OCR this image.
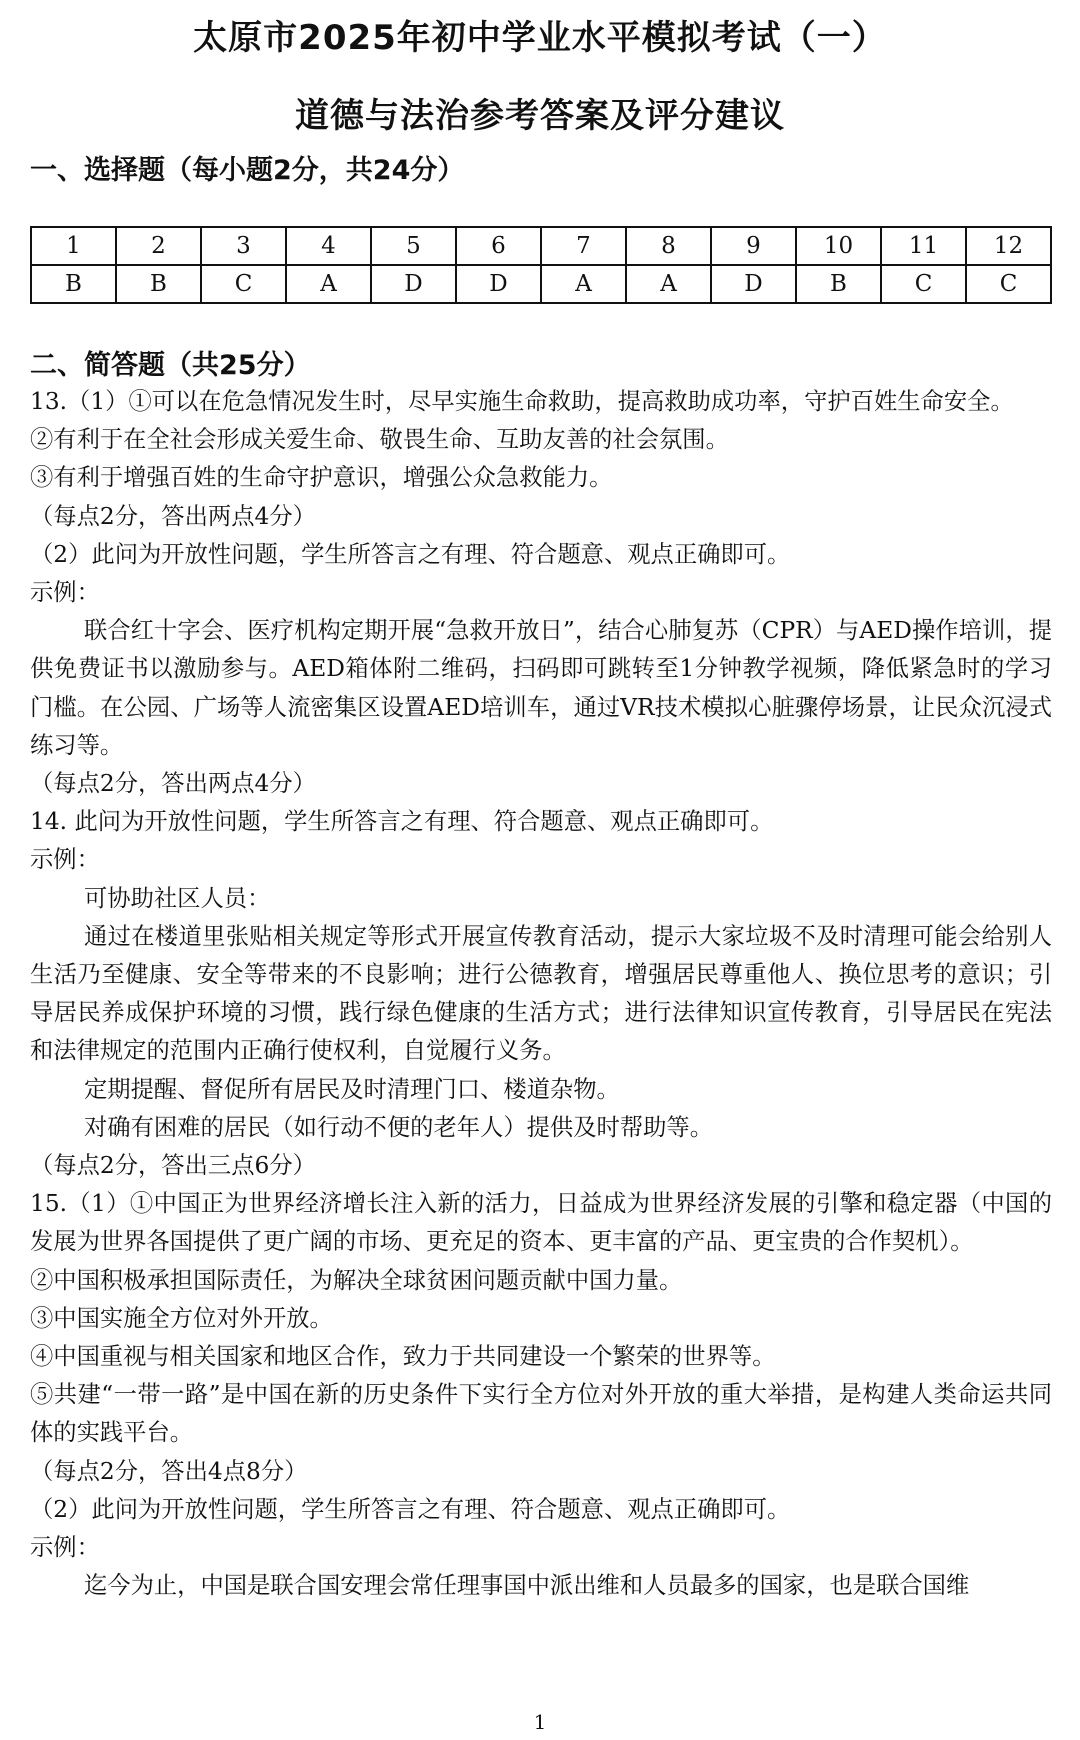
太原市2025年初中学业水平模拟考试（一）
道德与法治参考答案及评分建议
一、选择题（每小题2分，共24分）
1	2	3	4	5	6	7	8	9	10	11	12
B	B	C	A	D	D	A	A	D	B	C	C
二、简答题（共25分）

13.（1）①可以在危急情况发生时，尽早实施生命救助，提高救助成功率，守护百姓生命安全。

②有利于在全社会形成关爱生命、敬畏生命、互助友善的社会氛围。

③有利于增强百姓的生命守护意识，增强公众急救能力。

（每点2分，答出两点4分）

（2）此问为开放性问题，学生所答言之有理、符合题意、观点正确即可。

示例：

联合红十字会、医疗机构定期开展“急救开放日”，结合心肺复苏（CPR）与AED操作培训，提供免费证书以激励参与。AED箱体附二维码，扫码即可跳转至1分钟教学视频，降低紧急时的学习门槛。在公园、广场等人流密集区设置AED培训车，通过VR技术模拟心脏骤停场景，让民众沉浸式练习等。

（每点2分，答出两点4分）

14. 此问为开放性问题，学生所答言之有理、符合题意、观点正确即可。

示例：

可协助社区人员：

通过在楼道里张贴相关规定等形式开展宣传教育活动，提示大家垃圾不及时清理可能会给别人生活乃至健康、安全等带来的不良影响；进行公德教育，增强居民尊重他人、换位思考的意识；引导居民养成保护环境的习惯，践行绿色健康的生活方式；进行法律知识宣传教育，引导居民在宪法和法律规定的范围内正确行使权利，自觉履行义务。

定期提醒、督促所有居民及时清理门口、楼道杂物。

对确有困难的居民（如行动不便的老年人）提供及时帮助等。

（每点2分，答出三点6分）

15.（1）①中国正为世界经济增长注入新的活力，日益成为世界经济发展的引擎和稳定器（中国的发展为世界各国提供了更广阔的市场、更充足的资本、更丰富的产品、更宝贵的合作契机）。

②中国积极承担国际责任，为解决全球贫困问题贡献中国力量。

③中国实施全方位对外开放。

④中国重视与相关国家和地区合作，致力于共同建设一个繁荣的世界等。

⑤共建“一带一路”是中国在新的历史条件下实行全方位对外开放的重大举措，是构建人类命运共同体的实践平台。

（每点2分，答出4点8分）

（2）此问为开放性问题，学生所答言之有理、符合题意、观点正确即可。

示例：

迄今为止，中国是联合国安理会常任理事国中派出维和人员最多的国家，也是联合国维

1
